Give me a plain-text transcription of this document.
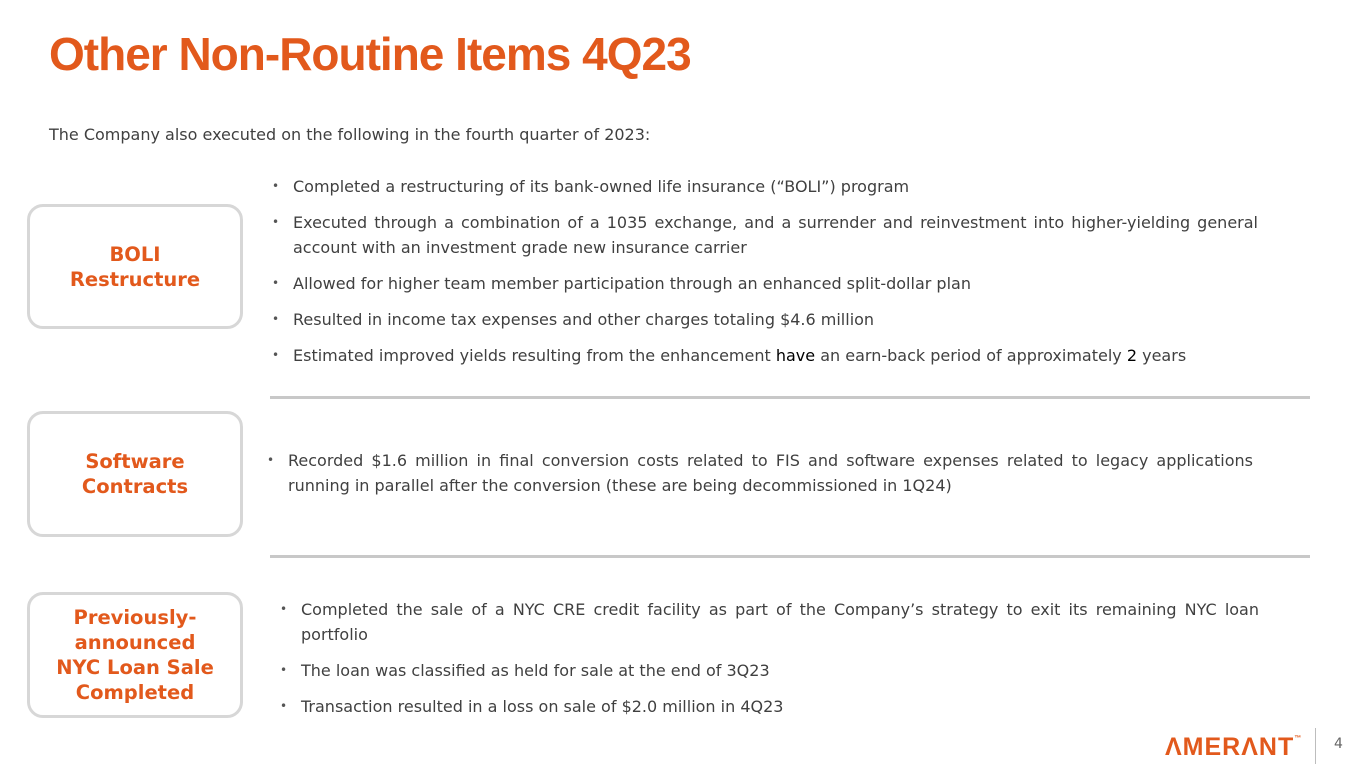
Other Non-Routine Items 4Q23
The Company also executed on the following in the fourth quarter of 2023:
BOLI
Restructure
• Completed a restructuring of its bank-owned life insurance (“BOLI”) program
• Executed through a combination of a 1035 exchange, and a surrender and reinvestment into higher-yielding general account with an investment grade new insurance carrier
• Allowed for higher team member participation through an enhanced split-dollar plan
• Resulted in income tax expenses and other charges totaling $4.6 million
• Estimated improved yields resulting from the enhancement have an earn-back period of approximately 2 years
Software
Contracts
• Recorded $1.6 million in final conversion costs related to FIS and software expenses related to legacy applications running in parallel after the conversion (these are being decommissioned in 1Q24)
Previously-
announced
NYC Loan Sale
Completed
• Completed the sale of a NYC CRE credit facility as part of the Company’s strategy to exit its remaining NYC loan portfolio
• The loan was classified as held for sale at the end of 3Q23
• Transaction resulted in a loss on sale of $2.0 million in 4Q23
ΛMERΛNT™ 4
